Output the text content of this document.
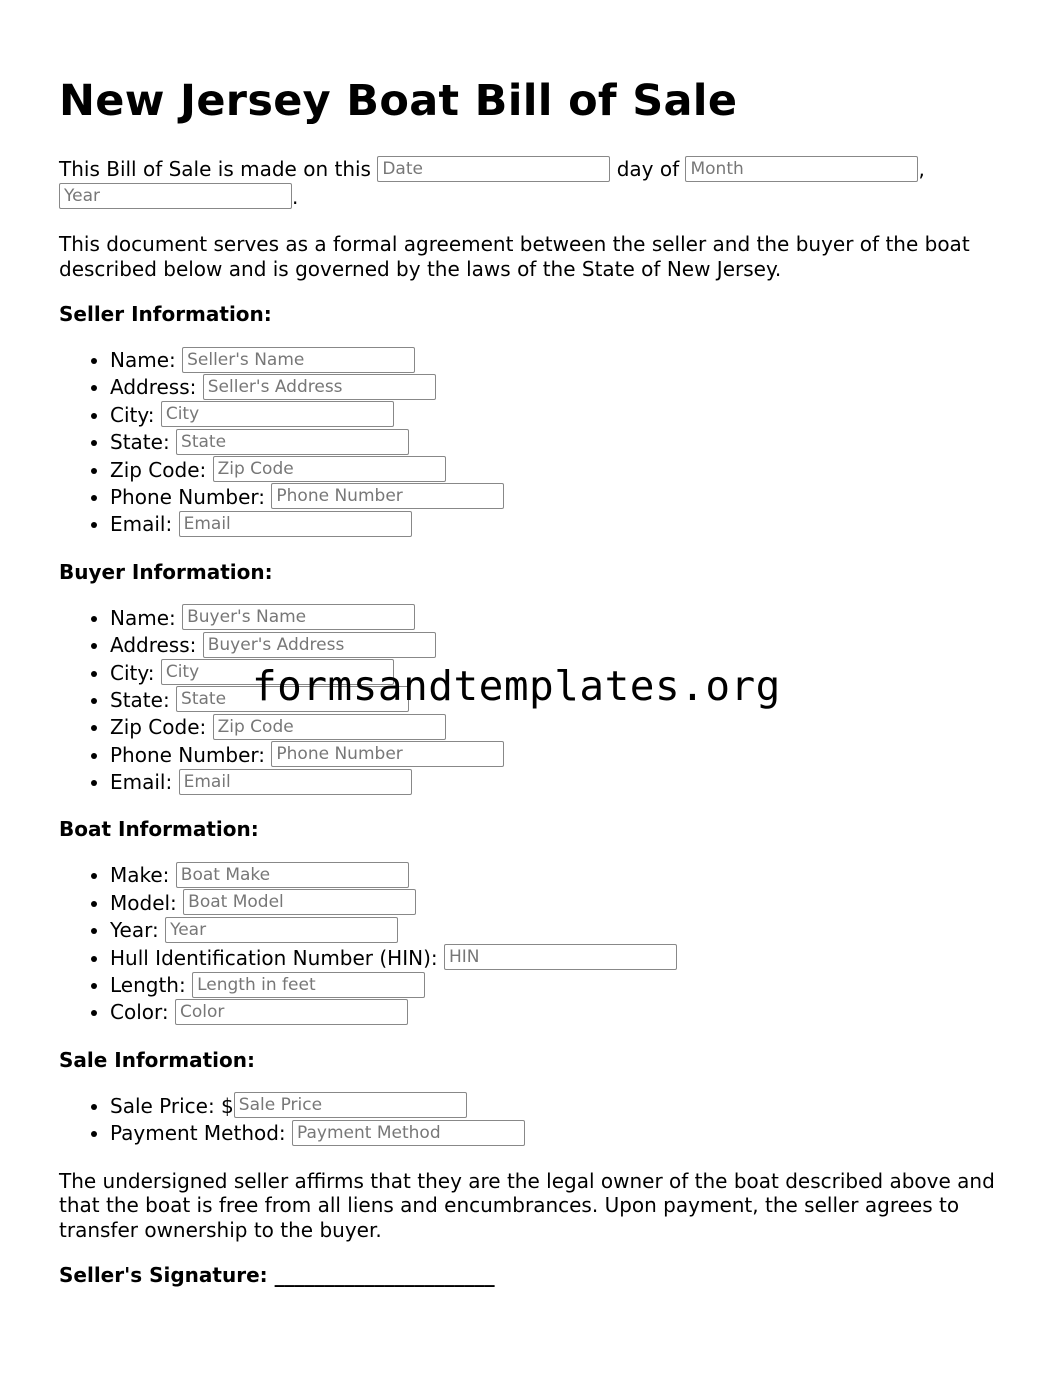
New Jersey Boat Bill of Sale

This Bill of Sale is made on this Date	day of Month	,
Year.

This document serves as a formal agreement between the seller and the buyer of the boat described below and is governed by the laws of the State of New Jersey.

Seller Information:
• Name: Seller's Name
• Address: Seller's Address
• City: City
• State: State
• Zip Code: Zip Code
• Phone Number: Phone Number
• Email: Email
Buyer Information:
• Name: Buyer's Name
• Address: Buyer's Address
• City: City
• State: State
• Zip Code: Zip Code
• Phone Number: Phone Number
• Email: Email
Boat Information:
• Make: Boat Make
• Model: Boat Model
• Year: Year
• Hull Identification Number (HIN): HIN
• Length: Length in feet
• Color: Color
Sale Information:
• Sale Price: $Sale Price
• Payment Method: Payment Method

The undersigned seller affirms that they are the legal owner of the boat described above and that the boat is free from all liens and encumbrances. Upon payment, the seller agrees to transfer ownership to the buyer.

Seller's Signature: ______________________
formsandtemplates.org
